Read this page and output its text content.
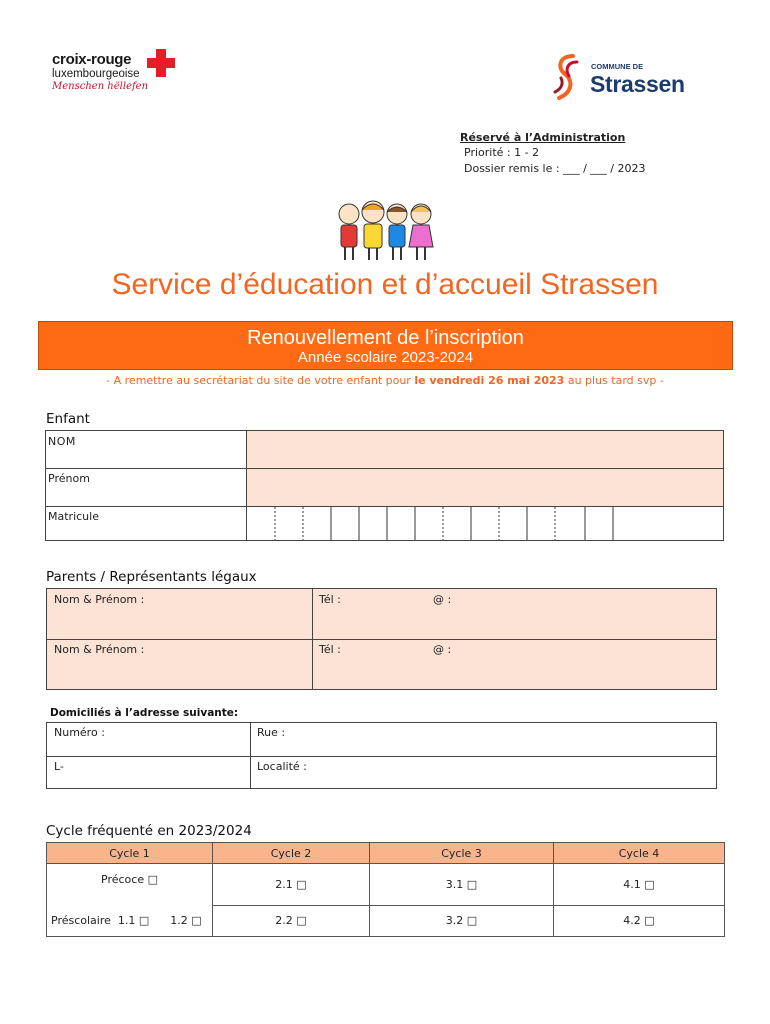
croix-rouge
luxembourgeoise
Menschen hëllefen
COMMUNE DE
Strassen
Réservé à l’Administration
Priorité : 1 - 2
Dossier remis le : ___ / ___ / 2023
Service d’éducation et d’accueil Strassen
Renouvellement de l’inscription
Année scolaire 2023-2024
- A remettre au secrétariat du site de votre enfant pour le vendredi 26 mai 2023 au plus tard svp -
Enfant
NOM
Prénom
Matricule
Parents / Représentants légaux
Nom & Prénom :	Tél :	@ :
Nom & Prénom :	Tél :	@ :
Domiciliés à l’adresse suivante:
Numéro :	Rue :
L-	Localité :
Cycle fréquenté en 2023/2024
Cycle 1	Cycle 2	Cycle 3	Cycle 4
Précoce □	2.1 □	3.1 □	4.1 □
Préscolaire  1.1 □      1.2 □	2.2 □	3.2 □	4.2 □
